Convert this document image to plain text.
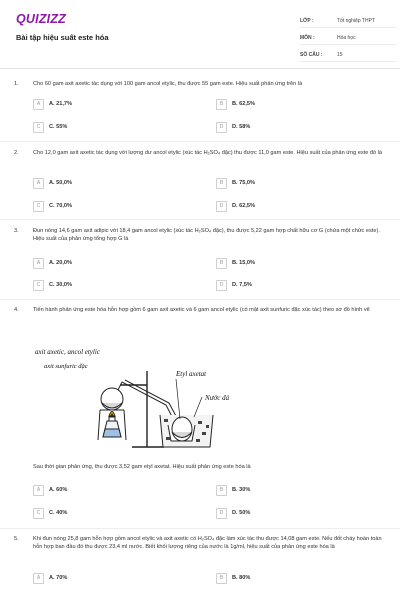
QUIZIZZ
Bài tập hiệu suất este hóa
LỚP :	Tốt nghiệp THPT
MÔN :	Hóa học
SỐ CÂU :	15
1.	Cho 60 gam axit axetic tác dụng với 100 gam ancol etylic, thu được 55 gam este. Hiệu suất phản ứng trên là
A	A.
21,7%	B	B.
62,5%
C	C.
55%	D	D.
58%
2.	Cho 12,0 gam axit axetic tác dụng với lượng dư ancol etylic (xúc tác H₂SO₄ đặc) thu được 11,0 gam este. Hiệu suất của phản ứng este đó là
A	A.
50,0%	B	B.
75,0%
C	C.
70,0%	D	D.
62,5%
3.	Đun nóng 14,6 gam axit adipic với 18,4 gam ancol etylic (xúc tác H₂SO₄ đặc), thu được 5,22 gam hợp chất hữu cơ G (chứa một chức este). Hiệu suất của phản ứng tổng hợp G là
A	A.
20,0%	B	B.
15,0%
C	C.
30,0%	D	D.
7,5%
4.	Tiến hành phản ứng este hóa hỗn hợp gồm 6 gam axit axetic và 6 gam ancol etylic (có mặt axit sunfuric đặc xúc tác) theo sơ đồ hình vẽ
Sau thời gian phản ứng, thu được 3,52 gam etyl axetat. Hiệu suất phản ứng este hóa là
A	A.
60%	B	B.
30%
C	C.
40%	D	D.
50%
axit axetic, ancol etylic
axit sunfuric đặc
Etyl axetat
Nước đá
5.	Khi đun nóng 25,8 gam hỗn hợp gồm ancol etylic và axit axetic có H₂SO₄ đặc làm xúc tác thu được 14,08 gam este. Nếu đốt cháy hoàn toàn hỗn hợp ban đầu đó thu được 23,4 ml nước. Biết khối lượng riêng của nước là 1g/ml, hiệu suất của phản ứng este hóa là
A	A.
70%	B	B.
80%
